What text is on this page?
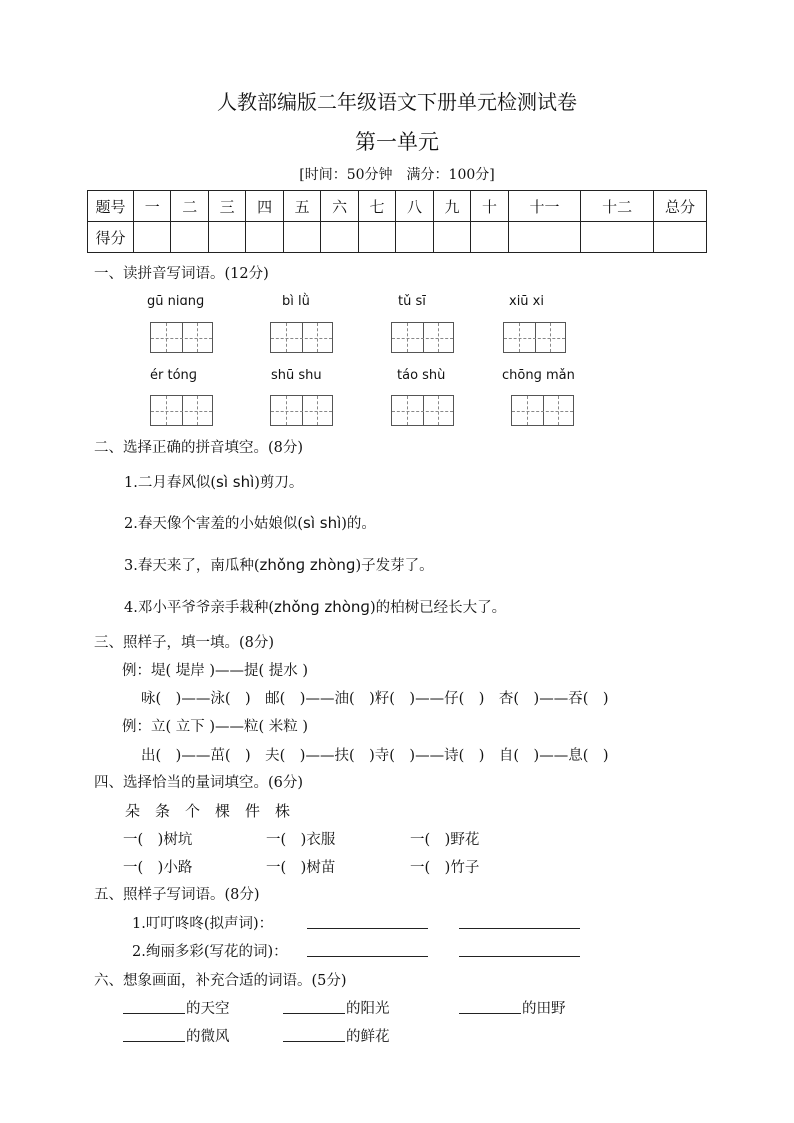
人教部编版二年级语文下册单元检测试卷
第一单元
[时间：50分钟　满分：100分]
题号	一	二	三	四	五	六	七	八	九	十	十一	十二	总分
得分													
一、读拼音写词语。(12分)
gū niɑnɡ	bì lǜ	tǔ sī	xiū xi
ér tónɡ	shū shu	táo shù	chōnɡ mǎn
二、选择正确的拼音填空。(8分)
1.二月春风似(sì shì)剪刀。
2.春天像个害羞的小姑娘似(sì shì)的。
3.春天来了，南瓜种(zhǒnɡ zhònɡ)子发芽了。
4.邓小平爷爷亲手栽种(zhǒnɡ zhònɡ)的柏树已经长大了。
三、照样子，填一填。(8分)
例：堤( 堤岸 )——提( 提水 )
咏(　)——泳(　)　邮(　)——油(　)籽(　)——仔(　)　杏(　)——吞(　)
例：立( 立下 )——粒( 米粒 )
出(　)——茁(　)　夫(　)——扶(　)寺(　)——诗(　)　自(　)——息(　)
四、选择恰当的量词填空。(6分)
朵　条　个　棵　件　株
一(　)树坑	一(　)衣服	一(　)野花
一(　)小路	一(　)树苗	一(　)竹子
五、照样子写词语。(8分)
1.叮叮咚咚(拟声词)：
2.绚丽多彩(写花的词)：
六、想象画面，补充合适的词语。(5分)
的天空	的阳光	的田野
的微风	的鲜花
